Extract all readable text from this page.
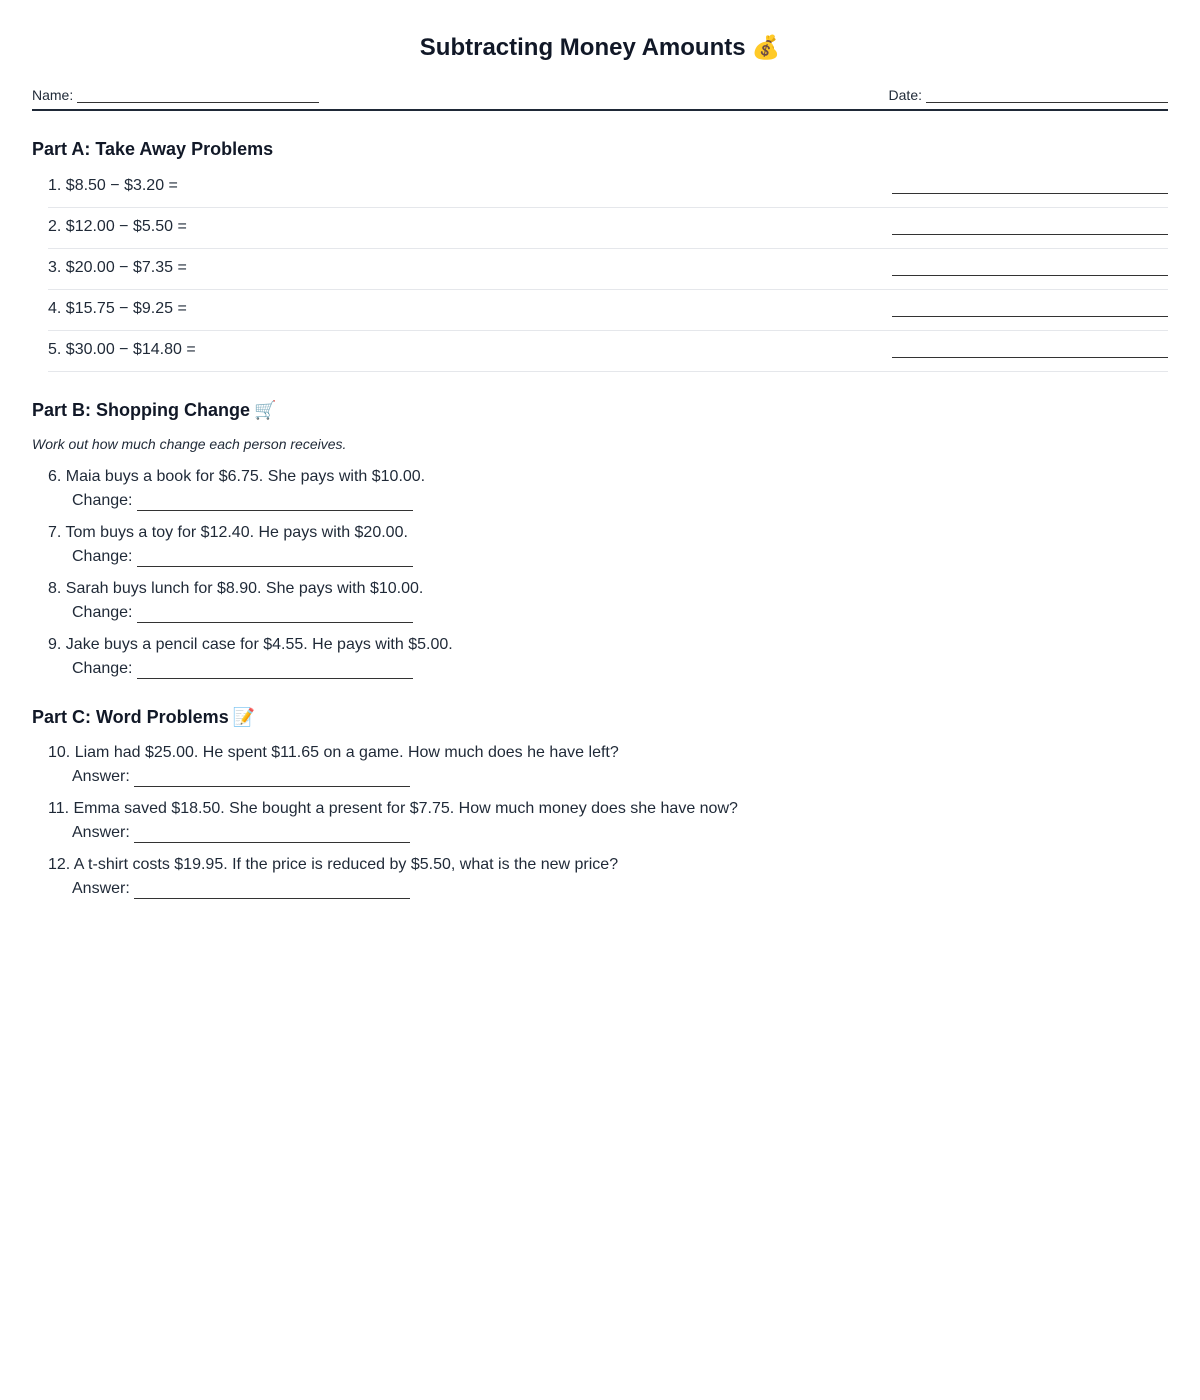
Subtracting Money Amounts 💰
Name:	Date:
Part A: Take Away Problems
1. $8.50 − $3.20 =
2. $12.00 − $5.50 =
3. $20.00 − $7.35 =
4. $15.75 − $9.25 =
5. $30.00 − $14.80 =
Part B: Shopping Change 🛒

Work out how much change each person receives.

6. Maia buys a book for $6.75. She pays with $10.00.
Change:
7. Tom buys a toy for $12.40. He pays with $20.00.
Change:
8. Sarah buys lunch for $8.90. She pays with $10.00.
Change:
9. Jake buys a pencil case for $4.55. He pays with $5.00.
Change:
Part C: Word Problems 📝
10. Liam had $25.00. He spent $11.65 on a game. How much does he have left?
Answer:
11. Emma saved $18.50. She bought a present for $7.75. How much money does she have now?
Answer:
12. A t-shirt costs $19.95. If the price is reduced by $5.50, what is the new price?
Answer:
